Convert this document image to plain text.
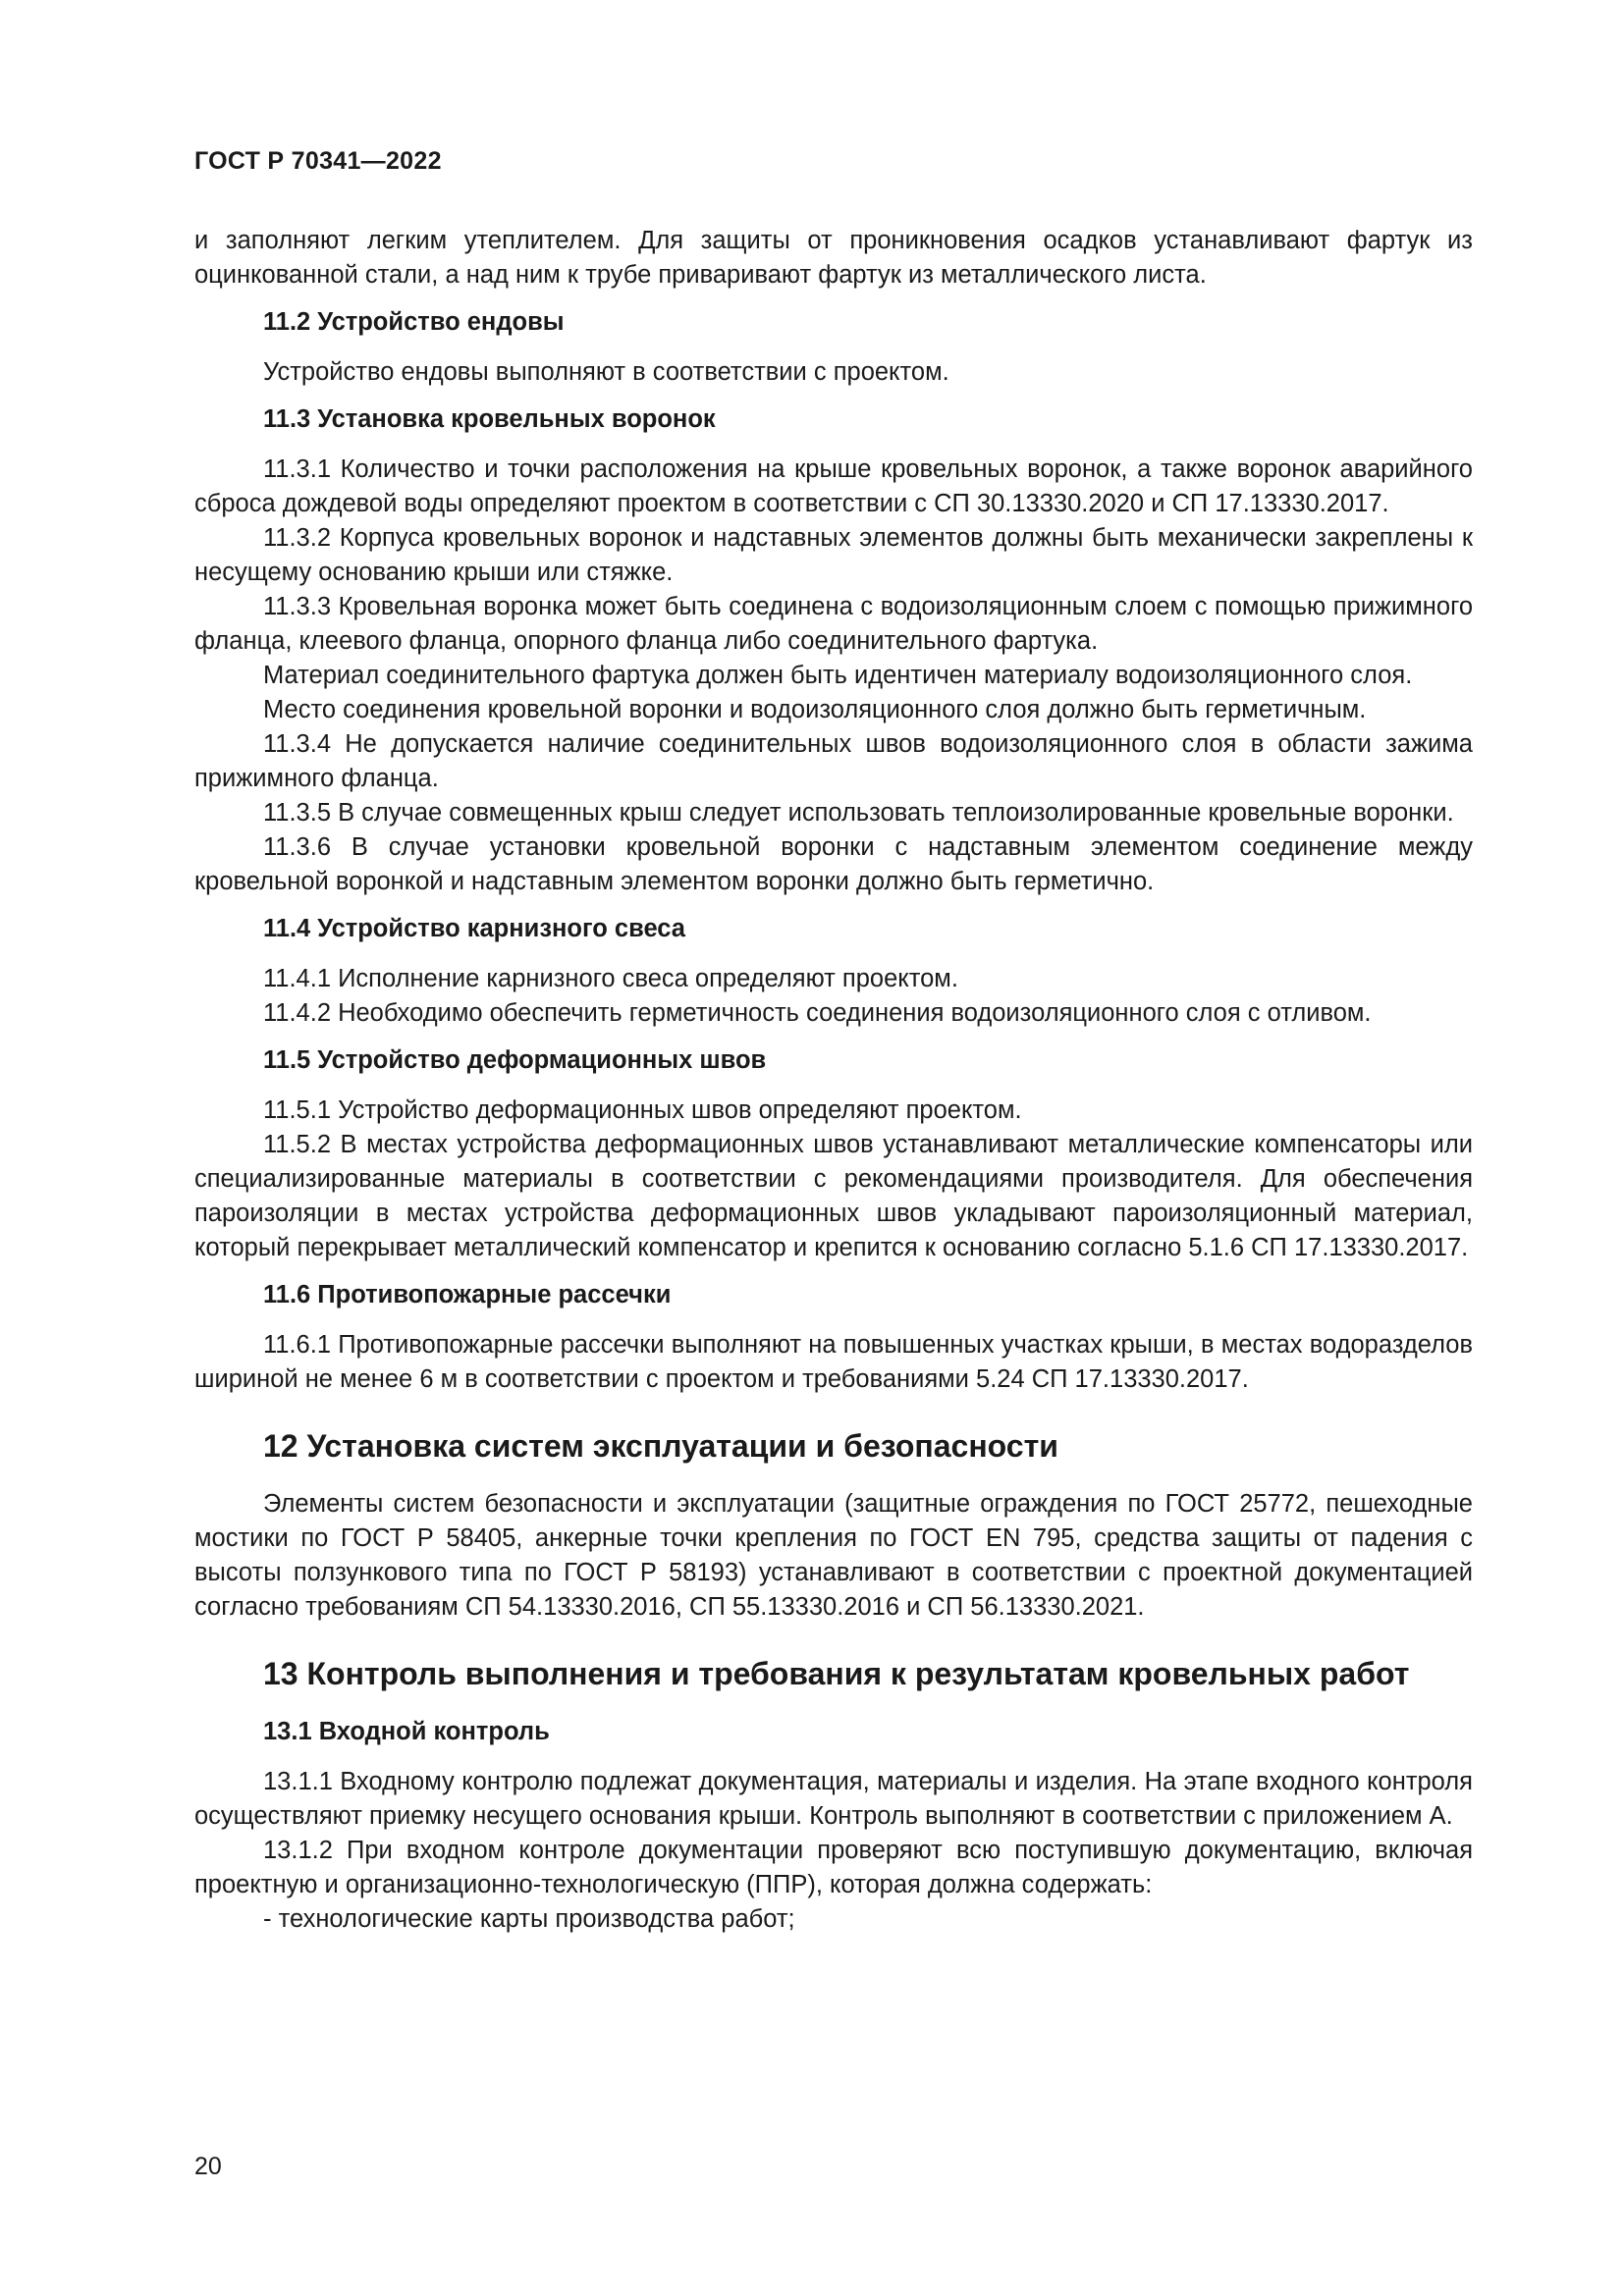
ГОСТ Р 70341—2022

и заполняют легким утеплителем. Для защиты от проникновения осадков устанавливают фартук из оцинкованной стали, а над ним к трубе приваривают фартук из металлического листа.

11.2 Устройство ендовы

Устройство ендовы выполняют в соответствии с проектом.

11.3 Установка кровельных воронок

11.3.1 Количество и точки расположения на крыше кровельных воронок, а также воронок аварийного сброса дождевой воды определяют проектом в соответствии с СП 30.13330.2020 и СП 17.13330.2017.

11.3.2 Корпуса кровельных воронок и надставных элементов должны быть механически закреплены к несущему основанию крыши или стяжке.

11.3.3 Кровельная воронка может быть соединена с водоизоляционным слоем с помощью прижимного фланца, клеевого фланца, опорного фланца либо соединительного фартука.

Материал соединительного фартука должен быть идентичен материалу водоизоляционного слоя.

Место соединения кровельной воронки и водоизоляционного слоя должно быть герметичным.

11.3.4 Не допускается наличие соединительных швов водоизоляционного слоя в области зажима прижимного фланца.

11.3.5 В случае совмещенных крыш следует использовать теплоизолированные кровельные воронки.

11.3.6 В случае установки кровельной воронки с надставным элементом соединение между кровельной воронкой и надставным элементом воронки должно быть герметично.

11.4 Устройство карнизного свеса

11.4.1 Исполнение карнизного свеса определяют проектом.

11.4.2 Необходимо обеспечить герметичность соединения водоизоляционного слоя с отливом.

11.5 Устройство деформационных швов

11.5.1 Устройство деформационных швов определяют проектом.

11.5.2 В местах устройства деформационных швов устанавливают металлические компенсаторы или специализированные материалы в соответствии с рекомендациями производителя. Для обеспечения пароизоляции в местах устройства деформационных швов укладывают пароизоляционный материал, который перекрывает металлический компенсатор и крепится к основанию согласно 5.1.6 СП 17.13330.2017.

11.6 Противопожарные рассечки

11.6.1 Противопожарные рассечки выполняют на повышенных участках крыши, в местах водоразделов шириной не менее 6 м в соответствии с проектом и требованиями 5.24 СП 17.13330.2017.

12 Установка систем эксплуатации и безопасности

Элементы систем безопасности и эксплуатации (защитные ограждения по ГОСТ 25772, пешеходные мостики по ГОСТ Р 58405, анкерные точки крепления по ГОСТ EN 795, средства защиты от падения с высоты ползункового типа по ГОСТ Р 58193) устанавливают в соответствии с проектной документацией согласно требованиям СП 54.13330.2016, СП 55.13330.2016 и СП 56.13330.2021.

13 Контроль выполнения и требования к результатам кровельных работ
13.1 Входной контроль

13.1.1 Входному контролю подлежат документация, материалы и изделия. На этапе входного контроля осуществляют приемку несущего основания крыши. Контроль выполняют в соответствии с приложением А.

13.1.2 При входном контроле документации проверяют всю поступившую документацию, включая проектную и организационно-технологическую (ППР), которая должна содержать:

- технологические карты производства работ;

20
